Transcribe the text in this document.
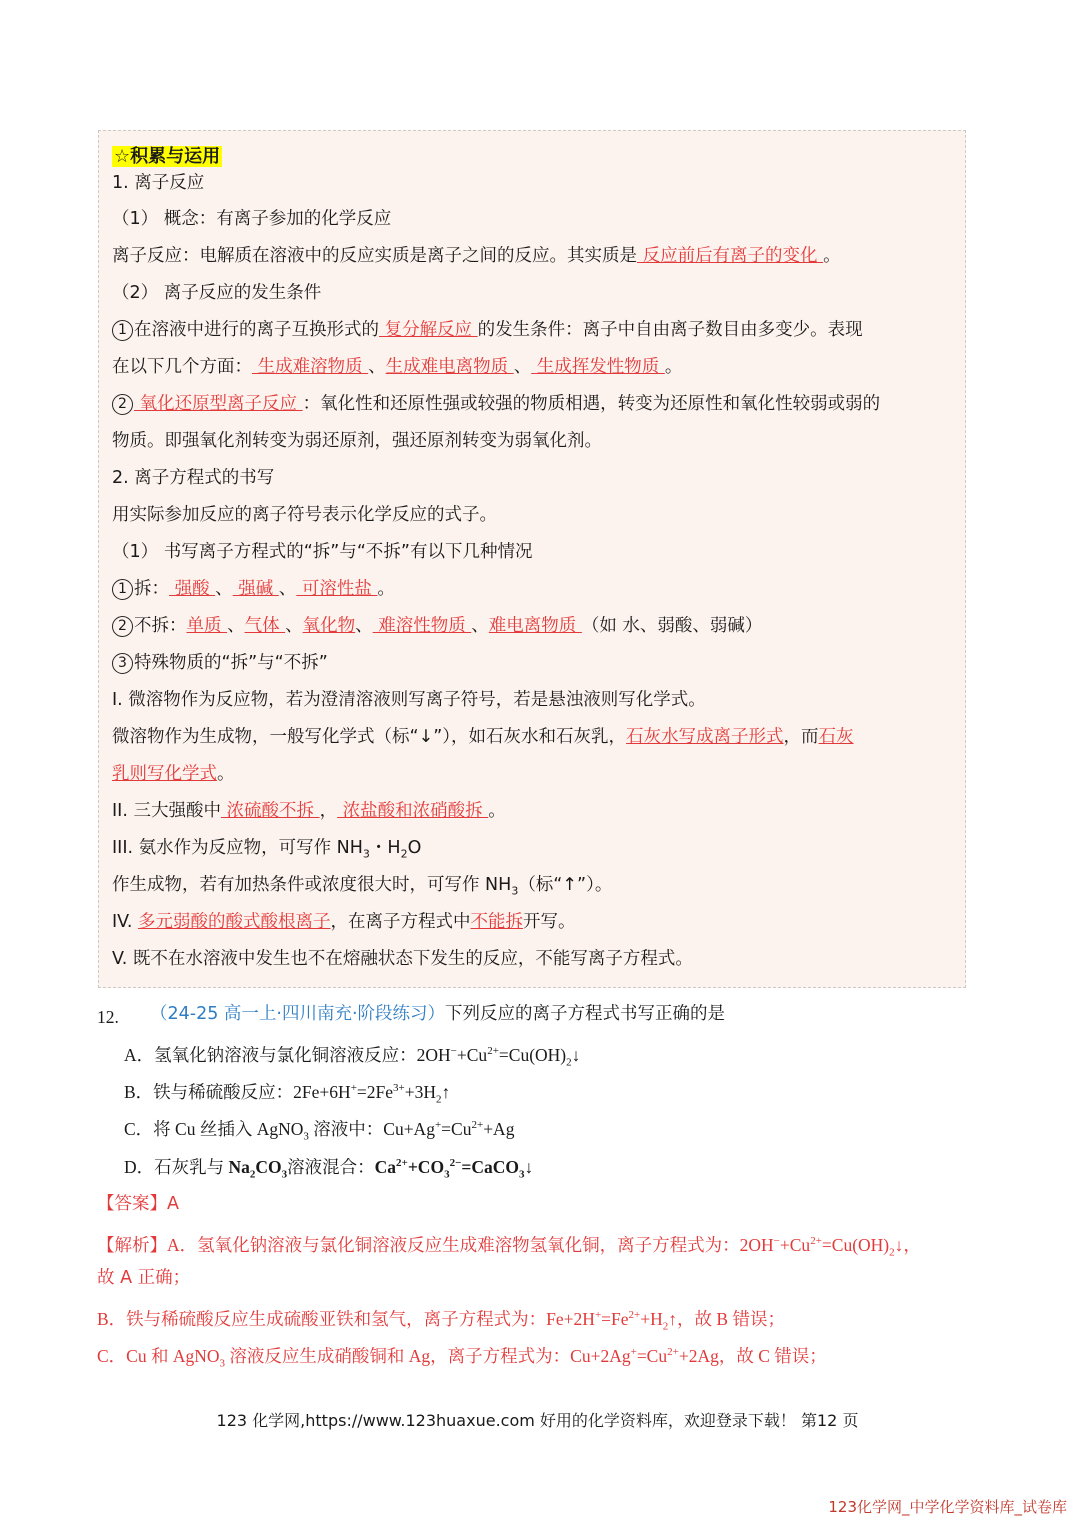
☆积累与运用
1. 离子反应
（1） 概念：有离子参加的化学反应
离子反应：电解质在溶液中的反应实质是离子之间的反应。其实质是 反应前后有离子的变化 。
（2） 离子反应的发生条件
1 在溶液中进行的离子互换形式的 复分解反应 的发生条件：离子中自由离子数目由多变少。表现
在以下几个方面： 生成难溶物质 、生成难电离物质 、 生成挥发性物质 。
2 氧化还原型离子反应 ：氧化性和还原性强或较强的物质相遇，转变为还原性和氧化性较弱或弱的
物质。即强氧化剂转变为弱还原剂，强还原剂转变为弱氧化剂。
2. 离子方程式的书写
用实际参加反应的离子符号表示化学反应的式子。
（1） 书写离子方程式的“拆”与“不拆”有以下几种情况
1 拆： 强酸 、 强碱 、 可溶性盐 。
2 不拆：单质 、气体 、氧化物、 难溶性物质 、难电离物质 （如 水、弱酸、弱碱）
3 特殊物质的“拆”与“不拆”
I. 微溶物作为反应物，若为澄清溶液则写离子符号，若是悬浊液则写化学式。
微溶物作为生成物，一般写化学式（标“↓”），如石灰水和石灰乳，石灰水写成离子形式，而石灰
乳则写化学式。
II. 三大强酸中 浓硫酸不拆 ， 浓盐酸和浓硝酸拆 。
III. 氨水作为反应物，可写作 $NH_3$・$H_2O$
作生成物，若有加热条件或浓度很大时，可写作 $NH_3$（标“↑”）。
IV. 多元弱酸的酸式酸根离子，在离子方程式中不能拆开写。
V. 既不在水溶液中发生也不在熔融状态下发生的反应，不能写离子方程式。
12. （24-25 高一上·四川南充·阶段练习）下列反应的离子方程式书写正确的是
A．氢氧化钠溶液与氯化铜溶液反应：$2OH^-+Cu^{2+}=Cu(OH)_2↓$
B．铁与稀硫酸反应：$2Fe+6H^+=2Fe^{3+}+3H_2↑$
C．将 Cu 丝插入 AgNO$_3$ 溶液中：$Cu+Ag^+=Cu^{2+}+Ag$
D．石灰乳与 $Na_2CO_3$溶液混合：$Ca^{2+}+CO_3^{2-}=CaCO_3↓$
【答案】A
【解析】A．氢氧化钠溶液与氯化铜溶液反应生成难溶物氢氧化铜，离子方程式为：$2OH^-+Cu^{2+}=Cu(OH)_2↓$，
故 A 正确；
B．铁与稀硫酸反应生成硫酸亚铁和氢气，离子方程式为：$Fe+2H^+=Fe^{2+}+H_2↑$，故 B 错误；
C．Cu 和 AgNO$_3$ 溶液反应生成硝酸铜和 Ag，离子方程式为：$Cu+2Ag^+=Cu^{2+}+2Ag$，故 C 错误；
123 化学网,https://www.123huaxue.com 好用的化学资料库，欢迎登录下载！ 第12 页
123化学网_中学化学资料库_试卷库
